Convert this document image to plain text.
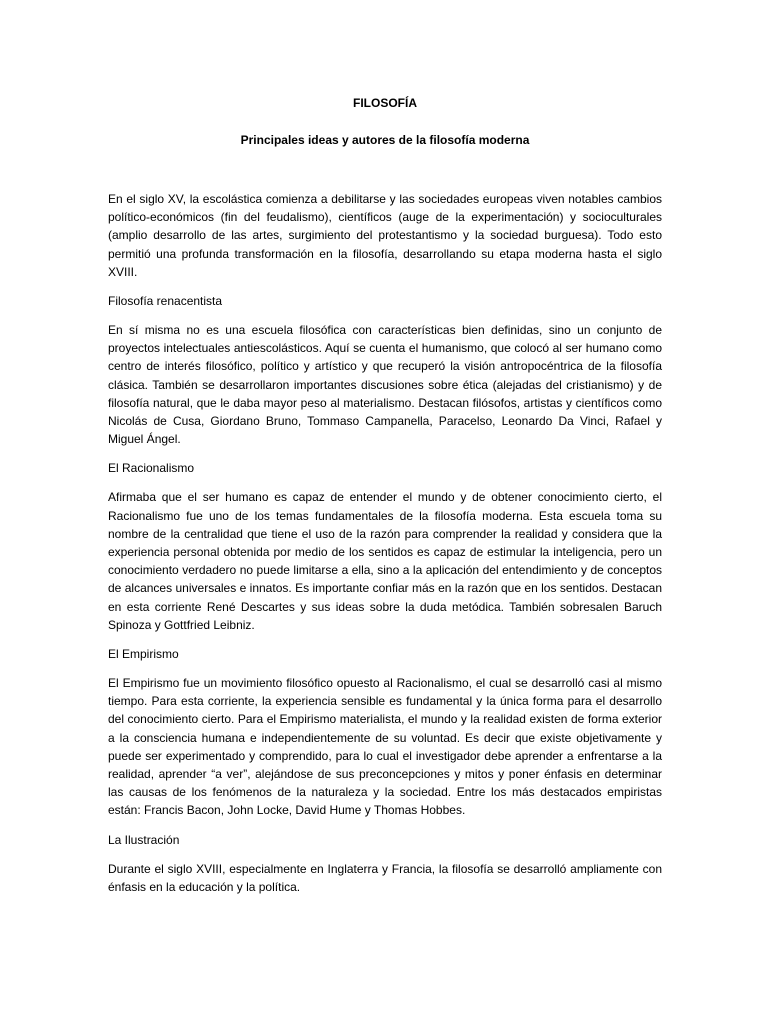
FILOSOFÍA
Principales ideas y autores de la filosofía moderna

En el siglo XV, la escolástica comienza a debilitarse y las sociedades europeas viven notables cambios político-económicos (fin del feudalismo), científicos (auge de la experimentación) y socioculturales (amplio desarrollo de las artes, surgimiento del protestantismo y la sociedad burguesa). Todo esto permitió una profunda transformación en la filosofía, desarrollando su etapa moderna hasta el siglo XVIII.

Filosofía renacentista

En sí misma no es una escuela filosófica con características bien definidas, sino un conjunto de proyectos intelectuales antiescolásticos. Aquí se cuenta el humanismo, que colocó al ser humano como centro de interés filosófico, político y artístico y que recuperó la visión antropocéntrica de la filosofía clásica. También se desarrollaron importantes discusiones sobre ética (alejadas del cristianismo) y de filosofía natural, que le daba mayor peso al materialismo. Destacan filósofos, artistas y científicos como Nicolás de Cusa, Giordano Bruno, Tommaso Campanella, Paracelso, Leonardo Da Vinci, Rafael y Miguel Ángel.

El Racionalismo

Afirmaba que el ser humano es capaz de entender el mundo y de obtener conocimiento cierto, el Racionalismo fue uno de los temas fundamentales de la filosofía moderna. Esta escuela toma su nombre de la centralidad que tiene el uso de la razón para comprender la realidad y considera que la experiencia personal obtenida por medio de los sentidos es capaz de estimular la inteligencia, pero un conocimiento verdadero no puede limitarse a ella, sino a la aplicación del entendimiento y de conceptos de alcances universales e innatos. Es importante confiar más en la razón que en los sentidos. Destacan en esta corriente René Descartes y sus ideas sobre la duda metódica. También sobresalen Baruch Spinoza y Gottfried Leibniz.

El Empirismo

El Empirismo fue un movimiento filosófico opuesto al Racionalismo, el cual se desarrolló casi al mismo tiempo. Para esta corriente, la experiencia sensible es fundamental y la única forma para el desarrollo del conocimiento cierto. Para el Empirismo materialista, el mundo y la realidad existen de forma exterior a la consciencia humana e independientemente de su voluntad. Es decir que existe objetivamente y puede ser experimentado y comprendido, para lo cual el investigador debe aprender a enfrentarse a la realidad, aprender “a ver”, alejándose de sus preconcepciones y mitos y poner énfasis en determinar las causas de los fenómenos de la naturaleza y la sociedad. Entre los más destacados empiristas están: Francis Bacon, John Locke, David Hume y Thomas Hobbes.

La Ilustración

Durante el siglo XVIII, especialmente en Inglaterra y Francia, la filosofía se desarrolló ampliamente con énfasis en la educación y la política.
